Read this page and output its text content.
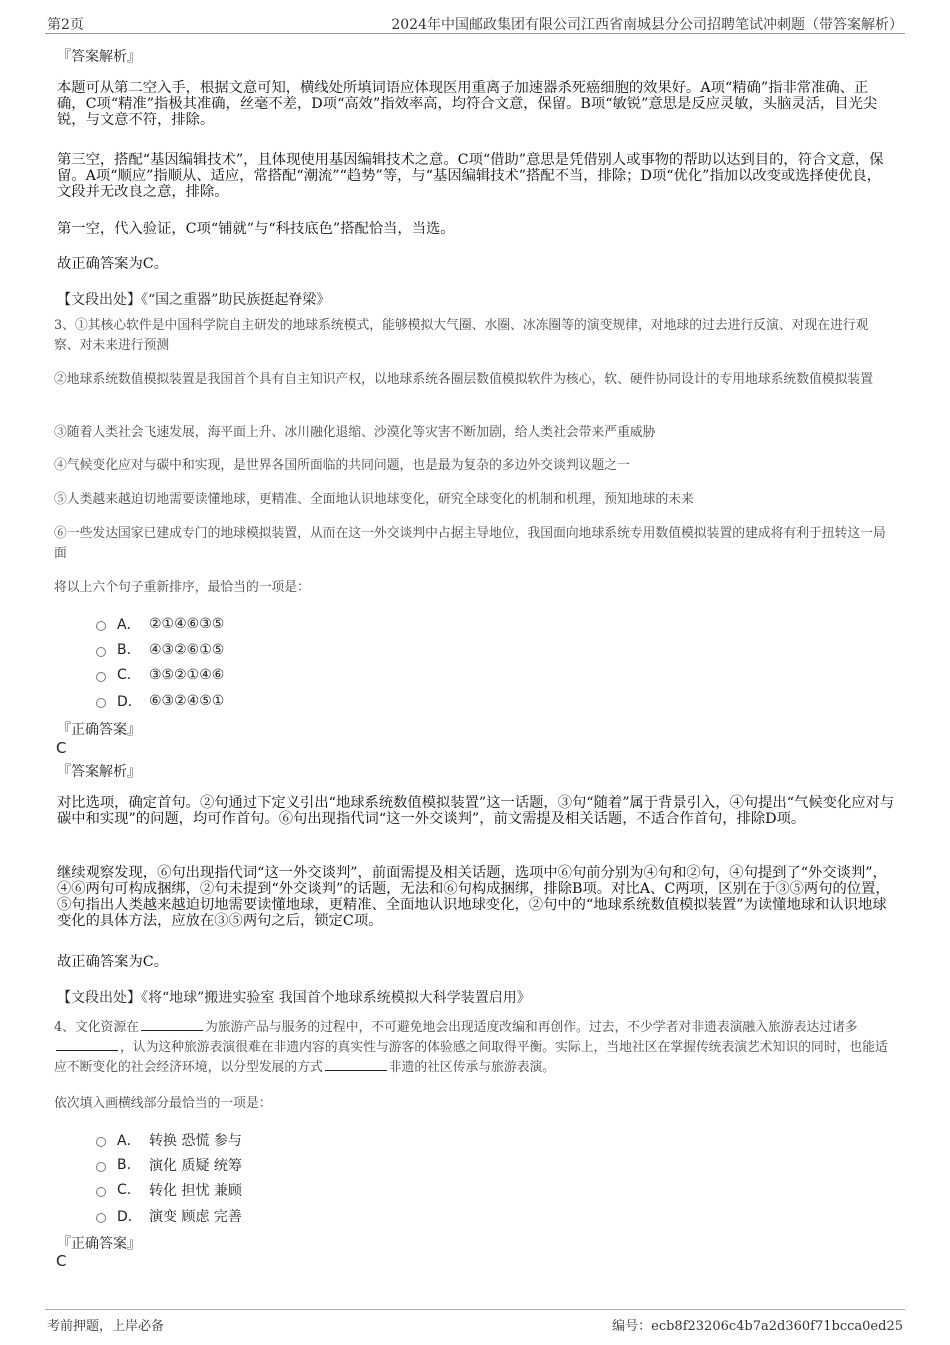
第2页	2024年中国邮政集团有限公司江西省南城县分公司招聘笔试冲刺题（带答案解析）
『答案解析』

本题可从第二空入手，根据文意可知，横线处所填词语应体现医用重离子加速器杀死癌细胞的效果好。A项“精确”指非常准确、正确，C项“精准”指极其准确，丝毫不差，D项“高效”指效率高，均符合文意，保留。B项“敏锐”意思是反应灵敏，头脑灵活，目光尖锐，与文意不符，排除。

第三空，搭配“基因编辑技术”，且体现使用基因编辑技术之意。C项“借助”意思是凭借别人或事物的帮助以达到目的，符合文意，保留。A项“顺应”指顺从、适应，常搭配“潮流”“趋势”等，与“基因编辑技术”搭配不当，排除；D项“优化”指加以改变或选择使优良，文段并无改良之意，排除。

第一空，代入验证，C项“铺就”与“科技底色”搭配恰当，当选。

故正确答案为C。

【文段出处】《“国之重器”助民族挺起脊梁》

3、①其核心软件是中国科学院自主研发的地球系统模式，能够模拟大气圈、水圈、冰冻圈等的演变规律，对地球的过去进行反演、对现在进行观察、对未来进行预测

②地球系统数值模拟装置是我国首个具有自主知识产权，以地球系统各圈层数值模拟软件为核心，软、硬件协同设计的专用地球系统数值模拟装置

③随着人类社会飞速发展，海平面上升、冰川融化退缩、沙漠化等灾害不断加剧，给人类社会带来严重威胁

④气候变化应对与碳中和实现，是世界各国所面临的共同问题，也是最为复杂的多边外交谈判议题之一

⑤人类越来越迫切地需要读懂地球，更精准、全面地认识地球变化，研究全球变化的机制和机理，预知地球的未来

⑥一些发达国家已建成专门的地球模拟装置，从而在这一外交谈判中占据主导地位，我国面向地球系统专用数值模拟装置的建成将有利于扭转这一局面

将以上六个句子重新排序，最恰当的一项是：

A． ②①④⑥③⑤
B.	④③②⑥①⑤
C.	③⑤②①④⑥
D． ⑥③②④⑤①
『正确答案』
C
『答案解析』

对比选项，确定首句。②句通过下定义引出“地球系统数值模拟装置”这一话题，③句“随着”属于背景引入，④句提出“气候变化应对与碳中和实现”的问题，均可作首句。⑥句出现指代词“这一外交谈判”，前文需提及相关话题，不适合作首句，排除D项。

继续观察发现，⑥句出现指代词“这一外交谈判”，前面需提及相关话题，选项中⑥句前分别为④句和②句，④句提到了“外交谈判”，④⑥两句可构成捆绑，②句未提到“外交谈判”的话题，无法和⑥句构成捆绑，排除B项。对比A、C两项，区别在于③⑤两句的位置，⑤句指出人类越来越迫切地需要读懂地球，更精准、全面地认识地球变化，②句中的“地球系统数值模拟装置”为读懂地球和认识地球变化的具体方法，应放在③⑤两句之后，锁定C项。

故正确答案为C。

【文段出处】《将“地球”搬进实验室 我国首个地球系统模拟大科学装置启用》

4、文化资源在	为旅游产品与服务的过程中，不可避免地会出现适度改编和再创作。过去，不少学者对非遗表演融入旅游表达过诸多，认为这种旅游表演很难在非遗内容的真实性与游客的体验感之间取得平衡。实际上，当地社区在掌握传统表演艺术知识的同时，也能适应不断变化的社会经济环境，以分型发展的方式	非遗的社区传承与旅游表演。

依次填入画横线部分最恰当的一项是：

A． 转换 恐慌 参与
B.	演化 质疑 统筹
C.	转化 担忧 兼顾
D． 演变 顾虑 完善
『正确答案』
C
考前押题，上岸必备	编号：ecb8f23206c4b7a2d360f71bcca0ed25
